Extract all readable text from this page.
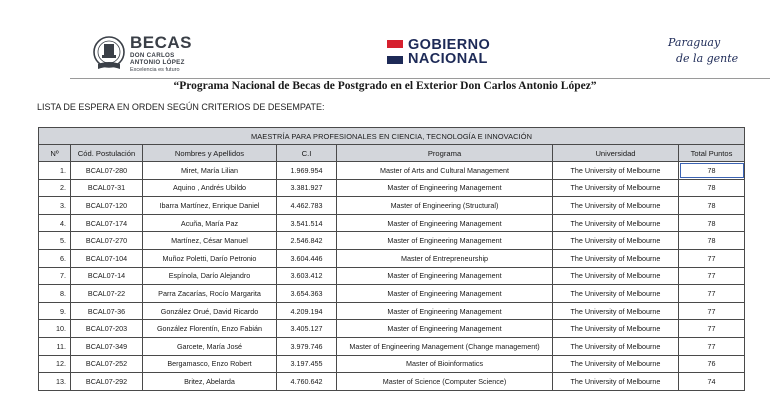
BECAS
DON CARLOS
ANTONIO LÓPEZ
Excelencia es futuro
GOBIERNO
NACIONAL
Paraguay
de la gente
“Programa Nacional de Becas de Postgrado en el Exterior Don Carlos Antonio López”
LISTA DE ESPERA EN ORDEN SEGÚN CRITERIOS DE DESEMPATE:
MAESTRÍA PARA PROFESIONALES EN CIENCIA, TECNOLOGÍA E INNOVACIÓN						
Nº	Cód. Postulación	Nombres y Apellidos	C.I	Programa	Universidad	Total Puntos
1.	BCAL07-280	Miret, María Lilian	1.969.954	Master of Arts and Cultural Management	The University of Melbourne	78
2.	BCAL07-31	Aquino , Andrés Ubildo	3.381.927	Master of Engineering Management	The University of Melbourne	78
3.	BCAL07-120	Ibarra Martínez, Enrique Daniel	4.462.783	Master of Engineering (Structural)	The University of Melbourne	78
4.	BCAL07-174	Acuña, María Paz	3.541.514	Master of Engineering Management	The University of Melbourne	78
5.	BCAL07-270	Martínez, César Manuel	2.546.842	Master of Engineering Management	The University of Melbourne	78
6.	BCAL07-104	Muñoz Poletti, Darío Petronio	3.604.446	Master of Entrepreneurship	The University of Melbourne	77
7.	BCAL07-14	Espínola, Darío Alejandro	3.603.412	Master of Engineering Management	The University of Melbourne	77
8.	BCAL07-22	Parra Zacarías, Rocío Margarita	3.654.363	Master of Engineering Management	The University of Melbourne	77
9.	BCAL07-36	González Orué, David Ricardo	4.209.194	Master of Engineering Management	The University of Melbourne	77
10.	BCAL07-203	González Florentín, Enzo Fabián	3.405.127	Master of Engineering Management	The University of Melbourne	77
11.	BCAL07-349	Garcete, María José	3.979.746	Master of Engineering Management (Change management)	The University of Melbourne	77
12.	BCAL07-252	Bergamasco, Enzo Robert	3.197.455	Master of Bioinformatics	The University of Melbourne	76
13.	BCAL07-292	Britez, Abelarda	4.760.642	Master of Science (Computer Science)	The University of Melbourne	74
